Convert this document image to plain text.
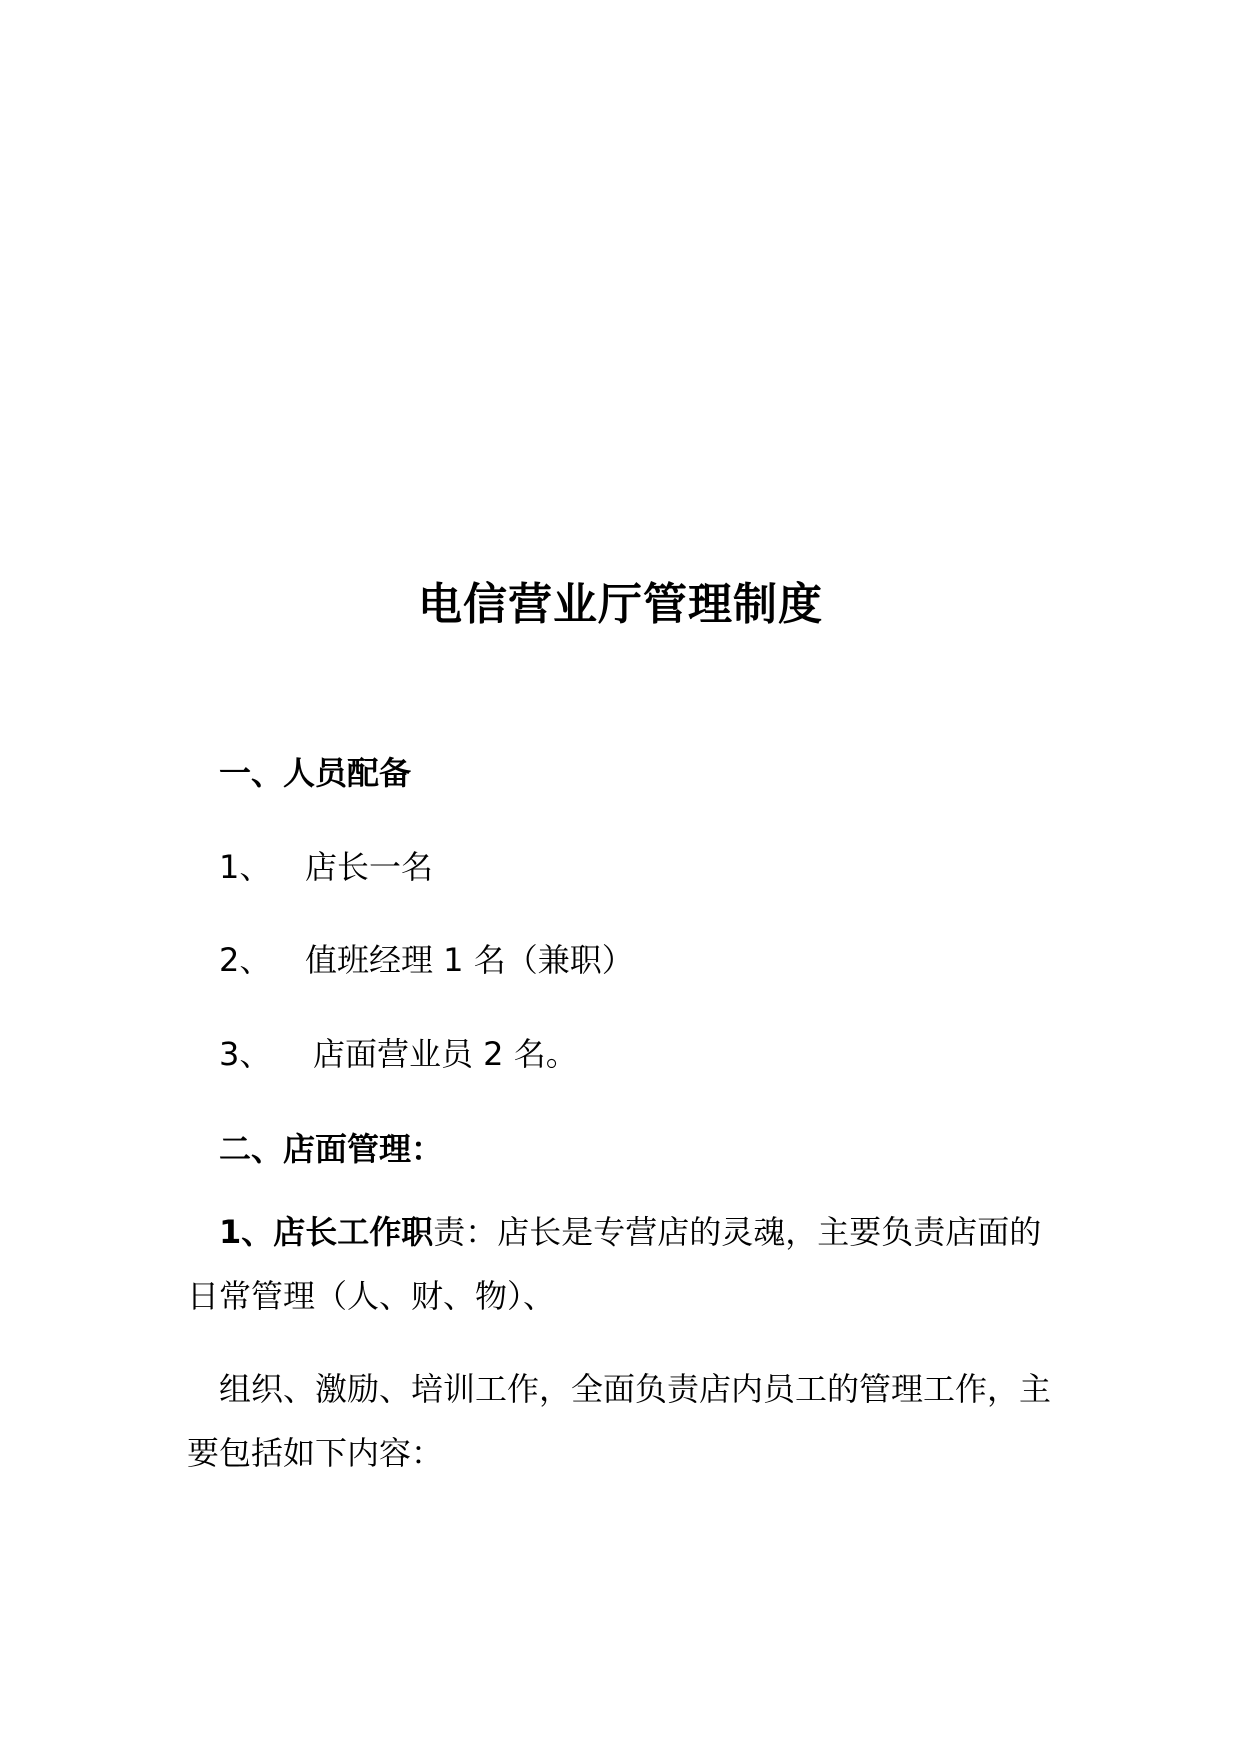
电信营业厅管理制度
一、人员配备
1、 店长一名
2、 值班经理 1 名（兼职）
3、 店面营业员 2 名。
二、店面管理：
1、店长工作职责：店长是专营店的灵魂，主要负责店面的日常管理（人、财、物）、
组织、激励、培训工作，全面负责店内员工的管理工作，主要包括如下内容：
